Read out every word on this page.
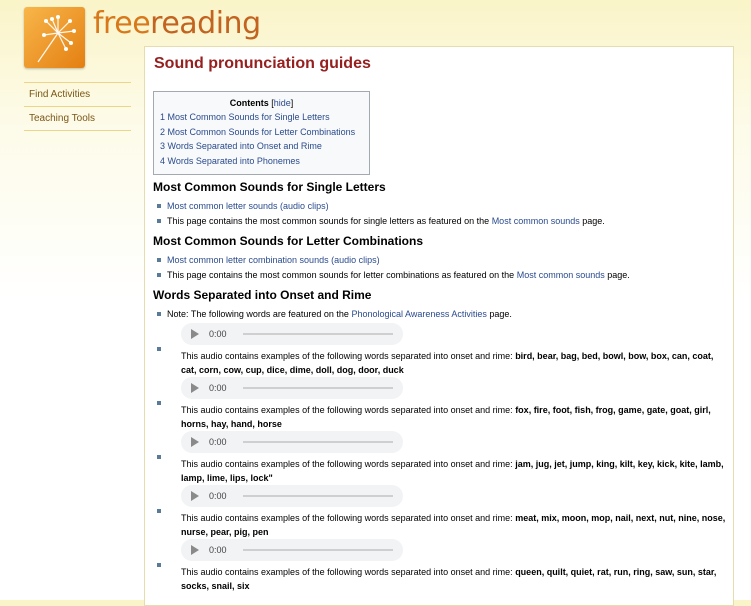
freereading
Find Activities
Teaching Tools
Sound pronunciation guides
Contents [hide]
1 Most Common Sounds for Single Letters
2 Most Common Sounds for Letter Combinations
3 Words Separated into Onset and Rime
4 Words Separated into Phonemes
Most Common Sounds for Single Letters
Most common letter sounds (audio clips)
This page contains the most common sounds for single letters as featured on the Most common sounds page.
Most Common Sounds for Letter Combinations
Most common letter combination sounds (audio clips)
This page contains the most common sounds for letter combinations as featured on the Most common sounds page.
Words Separated into Onset and Rime
Note: The following words are featured on the Phonological Awareness Activities page.
0:00
This audio contains examples of the following words separated into onset and rime: bird, bear, bag, bed, bowl, bow, box, can, coat, cat, corn, cow, cup, dice, dime, doll, dog, door, duck
0:00
This audio contains examples of the following words separated into onset and rime: fox, fire, foot, fish, frog, game, gate, goat, girl, horns, hay, hand, horse
0:00
This audio contains examples of the following words separated into onset and rime: jam, jug, jet, jump, king, kilt, key, kick, kite, lamb, lamp, lime, lips, lock"
0:00
This audio contains examples of the following words separated into onset and rime: meat, mix, moon, mop, nail, next, nut, nine, nose, nurse, pear, pig, pen
0:00
This audio contains examples of the following words separated into onset and rime: queen, quilt, quiet, rat, run, ring, saw, sun, star, socks, snail, six
